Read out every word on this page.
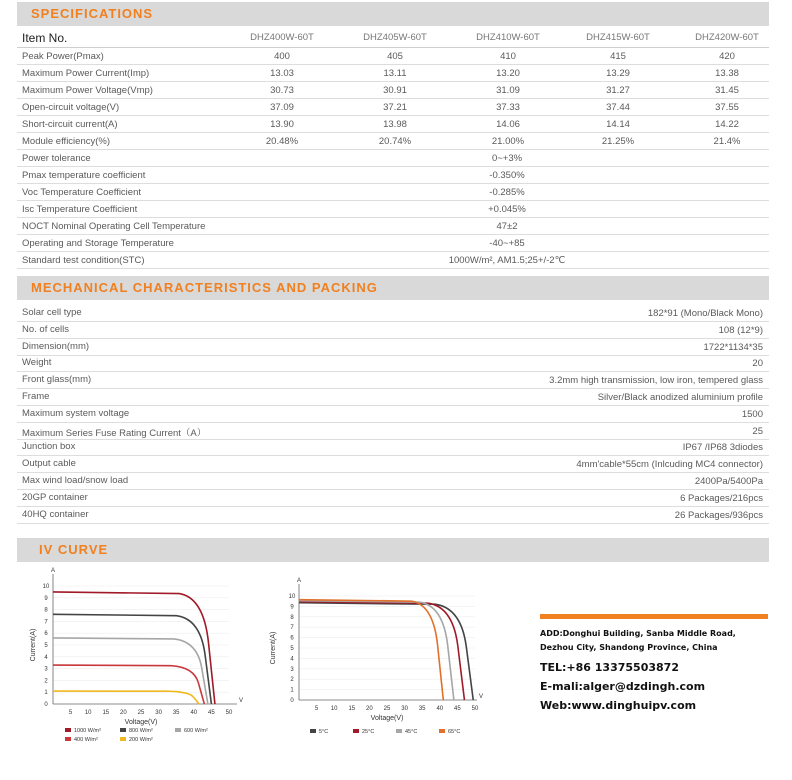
SPECIFICATIONS
Item No.	DHZ400W-60T	DHZ405W-60T	DHZ410W-60T	DHZ415W-60T	DHZ420W-60T
Peak Power(Pmax)	400	405	410	415	420
Maximum Power Current(Imp)	13.03	13.11	13.20	13.29	13.38
Maximum Power Voltage(Vmp)	30.73	30.91	31.09	31.27	31.45
Open-circuit voltage(V)	37.09	37.21	37.33	37.44	37.55
Short-circuit current(A)	13.90	13.98	14.06	14.14	14.22
Module efficiency(%)	20.48%	20.74%	21.00%	21.25%	21.4%
Power tolerance	0~+3%
Pmax temperature coefficient	-0.350%
Voc Temperature Coefficient	-0.285%
Isc Temperature Coefficient	+0.045%
NOCT Nominal Operating Cell Temperature	47±2
Operating and Storage Temperature	-40~+85
Standard test condition(STC)	1000W/m², AM1.5;25+/-2℃
MECHANICAL CHARACTERISTICS AND PACKING
Solar cell type	182*91 (Mono/Black Mono)
No. of cells	108 (12*9)
Dimension(mm)	1722*1134*35
Weight	20
Front glass(mm)	3.2mm high transmission, low iron, tempered glass
Frame	Silver/Black anodized aluminium profile
Maximum system voltage	1500
Maximum Series Fuse Rating Current（A）	25
Junction box	IP67 /IP68 3diodes
Output cable	4mm'cable*55cm (Inlcuding MC4 connector)
Max wind load/snow load	2400Pa/5400Pa
20GP container	6 Packages/216pcs
40HQ container	26 Packages/936pcs
IV CURVE
A
V
0
1
2
3
4
5
6
7
8
9
10
5 10 15 20 25 30 35 40 45 50
Voltage(V)
Current(A)
1000 W/m²	800 W/m²	600 W/m²
400 W/m²	200 W/m²
A
V
0
1
2
3
4
5
6
7
8
9
10
5 10 15 20 25 30 35 40 45 50
Voltage(V)
Current(A)
5°C	25°C	45°C	65°C
ADD:Donghui Building, Sanba Middle Road,
Dezhou City, Shandong Province, China
TEL:+86 13375503872
E-mali:alger@dzdingh.com
Web:www.dinghuipv.com
